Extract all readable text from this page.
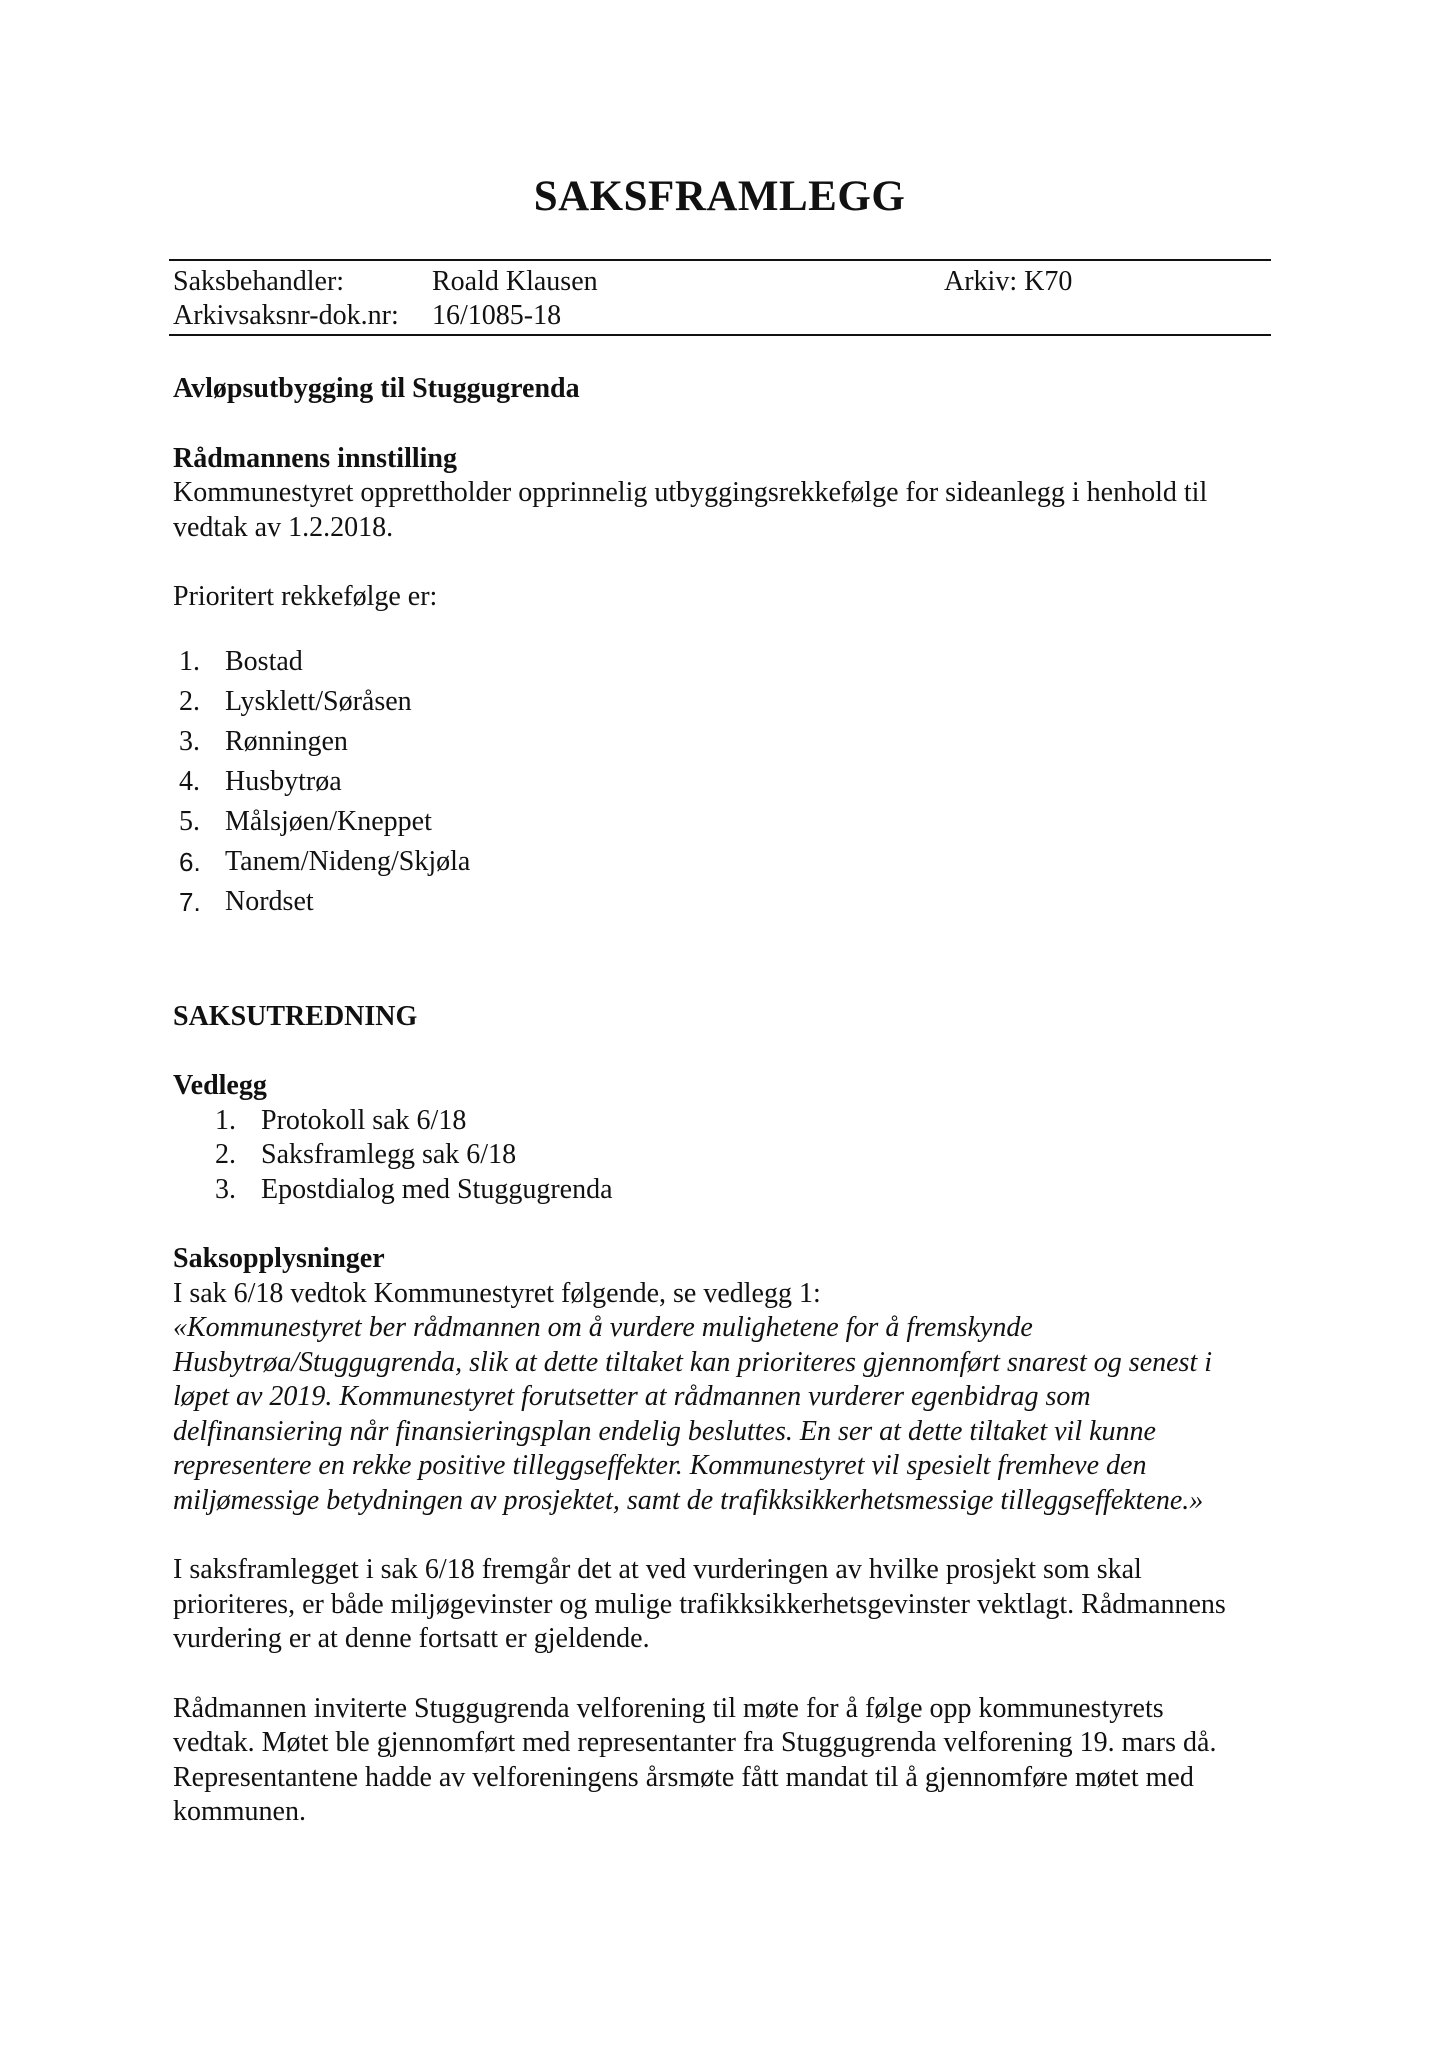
SAKSFRAMLEGG
Saksbehandler:	Roald Klausen	Arkiv: K70
Arkivsaksnr-dok.nr: 16/1085-18

Avløpsutbygging til Stuggugrenda

Rådmannens innstilling

Kommunestyret opprettholder opprinnelig utbyggingsrekkefølge for sideanlegg i henhold til

vedtak av 1.2.2018.

Prioritert rekkefølge er:

1. Bostad
2. Lysklett/Søråsen
3. Rønningen
4. Husbytrøa
5. Målsjøen/Kneppet
6. Tanem/Nideng/Skjøla
7. Nordset

SAKSUTREDNING

Vedlegg

1. Protokoll sak 6/18
2. Saksframlegg sak 6/18
3. Epostdialog med Stuggugrenda

Saksopplysninger

I sak 6/18 vedtok Kommunestyret følgende, se vedlegg 1:

«Kommunestyret ber rådmannen om å vurdere mulighetene for å fremskynde

Husbytrøa/Stuggugrenda, slik at dette tiltaket kan prioriteres gjennomført snarest og senest i

løpet av 2019. Kommunestyret forutsetter at rådmannen vurderer egenbidrag som

delfinansiering når finansieringsplan endelig besluttes. En ser at dette tiltaket vil kunne

representere en rekke positive tilleggseffekter. Kommunestyret vil spesielt fremheve den

miljømessige betydningen av prosjektet, samt de trafikksikkerhetsmessige tilleggseffektene.»

I saksframlegget i sak 6/18 fremgår det at ved vurderingen av hvilke prosjekt som skal

prioriteres, er både miljøgevinster og mulige trafikksikkerhetsgevinster vektlagt. Rådmannens

vurdering er at denne fortsatt er gjeldende.

Rådmannen inviterte Stuggugrenda velforening til møte for å følge opp kommunestyrets

vedtak. Møtet ble gjennomført med representanter fra Stuggugrenda velforening 19. mars då.

Representantene hadde av velforeningens årsmøte fått mandat til å gjennomføre møtet med

kommunen.
